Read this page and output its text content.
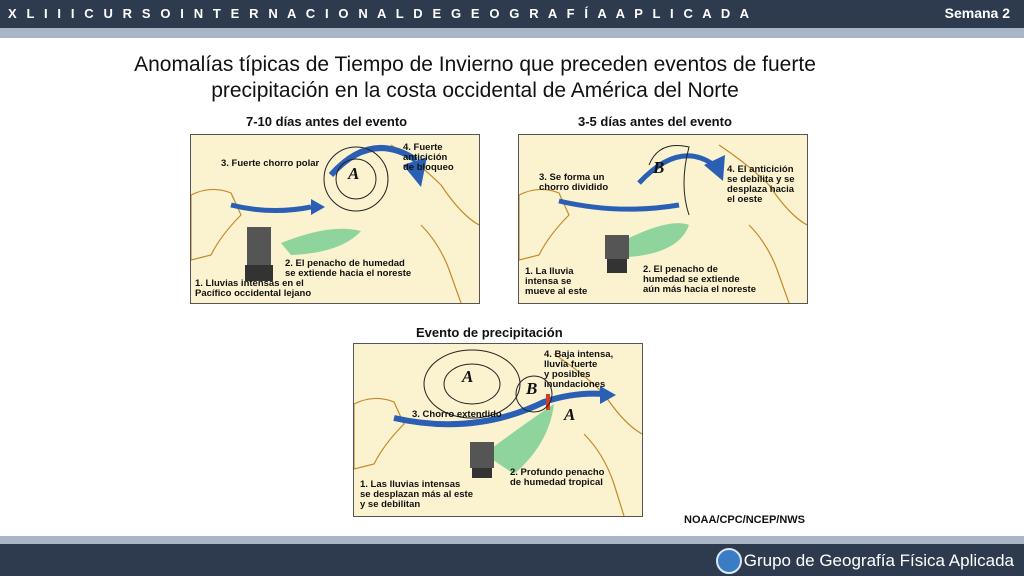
X L I I I C U R S O I N T E R N A C I O N A L D E G E O G R A F Í A A P L I C A D A	Semana 2
Anomalías típicas de Tiempo de Invierno que preceden eventos de fuerte
precipitación en la costa occidental de América del Norte
7-10 días antes del evento
A
1. Lluvias intensas en el
Pacífico occidental lejano
2. El penacho de humedad
se extiende hacia el noreste
3. Fuerte chorro polar
4. Fuerte
anticición
de bloqueo
3-5 días antes del evento
B
1. La lluvia
intensa se
mueve al este
2. El penacho de
humedad se extiende
aún más hacia el noreste
3. Se forma un
chorro dividido
4. El anticición
se debilita y se
desplaza hacia
el oeste
Evento de precipitación
A
B
A
1. Las lluvias intensas
se desplazan más al este
y se debilitan
2. Profundo penacho
de humedad tropical
3. Chorro extendido
4. Baja intensa,
lluvia fuerte
y posibles
inundaciones
NOAA/CPC/NCEP/NWS
Grupo de Geografía Física Aplicada
